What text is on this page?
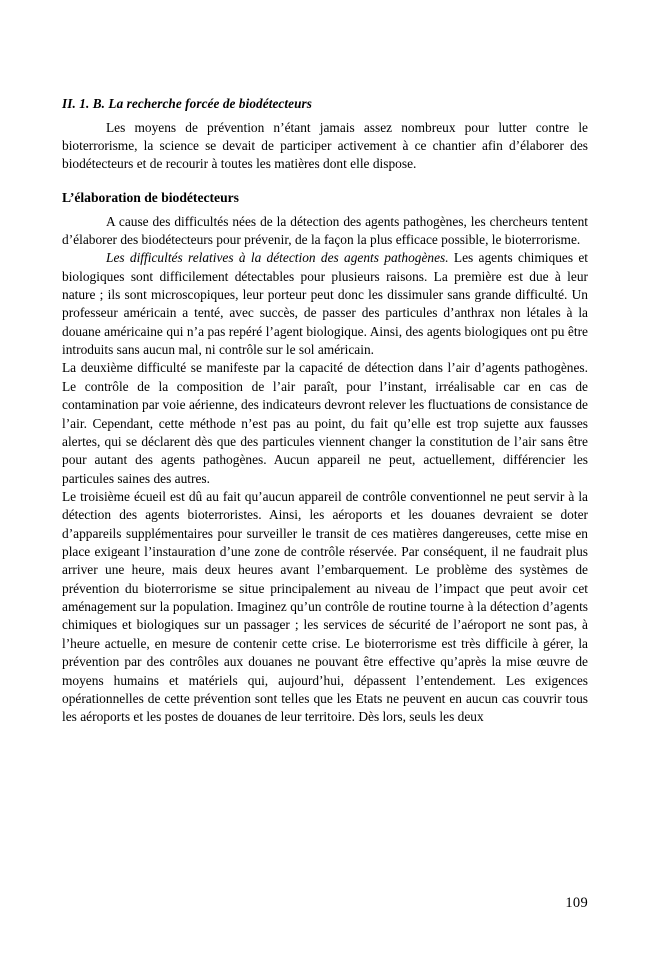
II. 1. B. La recherche forcée de biodétecteurs

Les moyens de prévention n’étant jamais assez nombreux pour lutter contre le bioterrorisme, la science se devait de participer activement à ce chantier afin d’élaborer des biodétecteurs et de recourir à toutes les matières dont elle dispose.

L’élaboration de biodétecteurs

A cause des difficultés nées de la détection des agents pathogènes, les chercheurs tentent d’élaborer des biodétecteurs pour prévenir, de la façon la plus efficace possible, le bioterrorisme.

Les difficultés relatives à la détection des agents pathogènes. Les agents chimiques et biologiques sont difficilement détectables pour plusieurs raisons. La première est due à leur nature ; ils sont microscopiques, leur porteur peut donc les dissimuler sans grande difficulté. Un professeur américain a tenté, avec succès, de passer des particules d’anthrax non létales à la douane américaine qui n’a pas repéré l’agent biologique. Ainsi, des agents biologiques ont pu être introduits sans aucun mal, ni contrôle sur le sol américain.

La deuxième difficulté se manifeste par la capacité de détection dans l’air d’agents pathogènes. Le contrôle de la composition de l’air paraît, pour l’instant, irréalisable car en cas de contamination par voie aérienne, des indicateurs devront relever les fluctuations de consistance de l’air. Cependant, cette méthode n’est pas au point, du fait qu’elle est trop sujette aux fausses alertes, qui se déclarent dès que des particules viennent changer la constitution de l’air sans être pour autant des agents pathogènes. Aucun appareil ne peut, actuellement, différencier les particules saines des autres.

Le troisième écueil est dû au fait qu’aucun appareil de contrôle conventionnel ne peut servir à la détection des agents bioterroristes. Ainsi, les aéroports et les douanes devraient se doter d’appareils supplémentaires pour surveiller le transit de ces matières dangereuses, cette mise en place exigeant l’instauration d’une zone de contrôle réservée. Par conséquent, il ne faudrait plus arriver une heure, mais deux heures avant l’embarquement. Le problème des systèmes de prévention du bioterrorisme se situe principalement au niveau de l’impact que peut avoir cet aménagement sur la population. Imaginez qu’un contrôle de routine tourne à la détection d’agents chimiques et biologiques sur un passager ; les services de sécurité de l’aéroport ne sont pas, à l’heure actuelle, en mesure de contenir cette crise. Le bioterrorisme est très difficile à gérer, la prévention par des contrôles aux douanes ne pouvant être effective qu’après la mise œuvre de moyens humains et matériels qui, aujourd’hui, dépassent l’entendement. Les exigences opérationnelles de cette prévention sont telles que les Etats ne peuvent en aucun cas couvrir tous les aéroports et les postes de douanes de leur territoire. Dès lors, seuls les deux

109
